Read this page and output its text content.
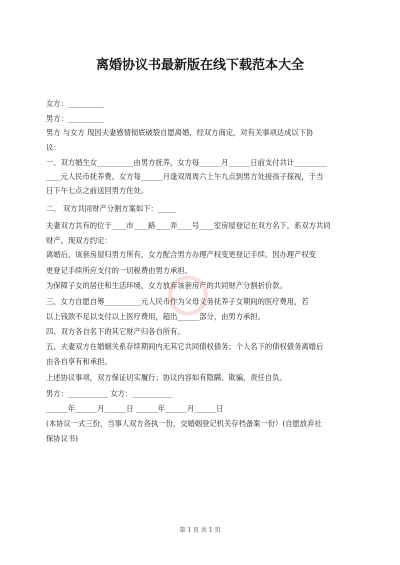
离婚协议书最新版在线下载范本大全
女方：__________
男方：__________
男方 与女方 现因夫妻感情彻底破裂自愿离婚，经双方商定，对有关事项达成以下协
议：
一、双方婚生女__________由男方抚养，女方每______月______日前支付共计_________
____元人民币抚养费。女方每______月逢双周周六上午九点到男方处接孩子探视，于当
日下午七点之前送回男方住处。
二、 双方共同财产分割方案如下：_____
夫妻双方共有的位于____市____路____弄____号____室房屋登记在双方名下，系双方共同
财产。现双方约定：
离婚后，该套房屋归男方所有，女方配合男方办理产权变更登记手续。因办理产权变
更登记手续所应支付的一切税费由男方承担。
为保障子女的居住和生活环境，女方放弃该套房产的共同财产分割折价款。
三、女方自愿自筹__________元人民币作为父母义务抚养子女期间的医疗费用，若
以上钱款不足以支付以上医疗费用，超出______部分，由男方承担。
四、双方各自名下的其它财产归各自所有。
五、夫妻双方在婚姻关系存续期间内无其它共同债权债务；个人名下的债权债务离婚后
由各自享有和承担。
上述协议事项，双方保证切实履行；协议内容如有隐瞒、欺骗，责任自负。
男方：___________ 女方：___________
______年______月______日 ______年______月______日
(本协议一式三份，当事人双方各执一份，交婚姻登记机关存档备案一份）(自愿放弃社
保协议书)
第 1 页 共 1 页
